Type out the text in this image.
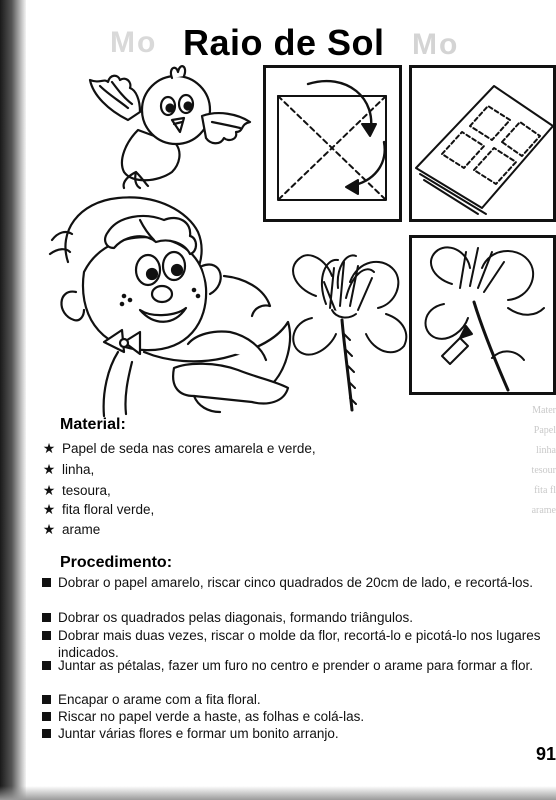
Mo	Mo
Raio de Sol
Mater
Papel
linha
tesour
fita fl
arame
Material:
★ Papel de seda nas cores amarela e verde,
★ linha,
★ tesoura,
★ fita floral verde,
★ arame
Procedimento:
Dobrar o papel amarelo, riscar cinco quadrados de 20cm de lado, e recortá-los.
Dobrar os quadrados pelas diagonais, formando triângulos.
Dobrar mais duas vezes, riscar o molde da flor, recortá-lo e picotá-lo nos lugares indicados.
Juntar as pétalas, fazer um furo no centro e prender o arame para formar a flor.
Encapar o arame com a fita floral.
Riscar no papel verde a haste, as folhas e colá-las.
Juntar várias flores e formar um bonito arranjo.
91
